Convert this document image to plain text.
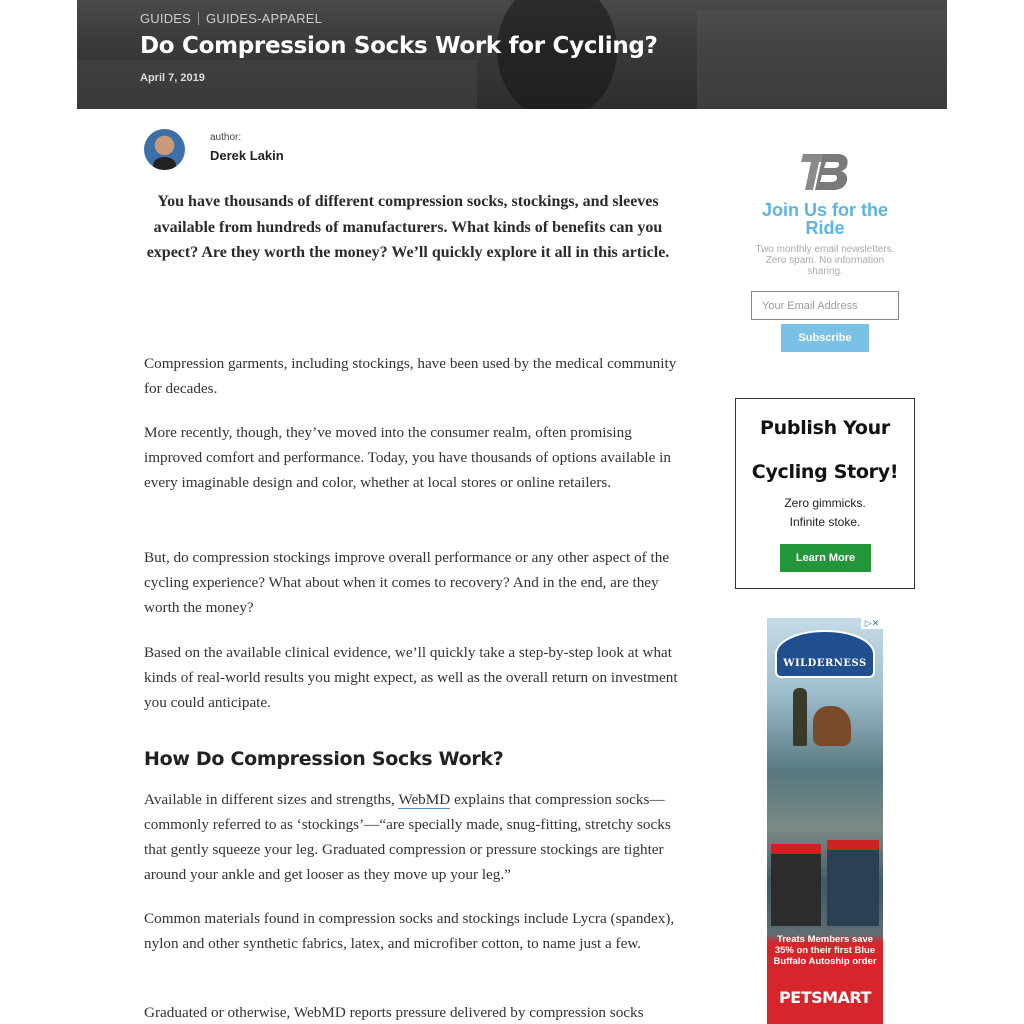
GUIDES GUIDES-APPAREL
Do Compression Socks Work for Cycling?
April 7, 2019
author:
Derek Lakin
You have thousands of different compression socks, stockings, and sleeves available from hundreds of manufacturers. What kinds of benefits can you expect? Are they worth the money? We’ll quickly explore it all in this article.

Compression garments, including stockings, have been used by the medical community for decades.

More recently, though, they’ve moved into the consumer realm, often promising improved comfort and performance. Today, you have thousands of options available in every imaginable design and color, whether at local stores or online retailers.

But, do compression stockings improve overall performance or any other aspect of the cycling experience? What about when it comes to recovery? And in the end, are they worth the money?

Based on the available clinical evidence, we’ll quickly take a step-by-step look at what kinds of real-world results you might expect, as well as the overall return on investment you could anticipate.

How Do Compression Socks Work?

Available in different sizes and strengths, WebMD explains that compression socks—commonly referred to as ‘stockings’—“are specially made, snug-fitting, stretchy socks that gently squeeze your leg. Graduated compression or pressure stockings are tighter around your ankle and get looser as they move up your leg.”

Common materials found in compression socks and stockings include Lycra (spandex), nylon and other synthetic fabrics, latex, and microfiber cotton, to name just a few.

Graduated or otherwise, WebMD reports pressure delivered by compression socks

Join Us for the Ride
Two monthly email newsletters. Zero spam. No information sharing.
Your Email Address
Subscribe
Publish Your
Cycling Story!
Zero gimmicks.
Infinite stoke.
Learn More
▷✕
WILDERNESS
Treats Members save 35% on their first Blue Buffalo Autoship order
PETSMART
